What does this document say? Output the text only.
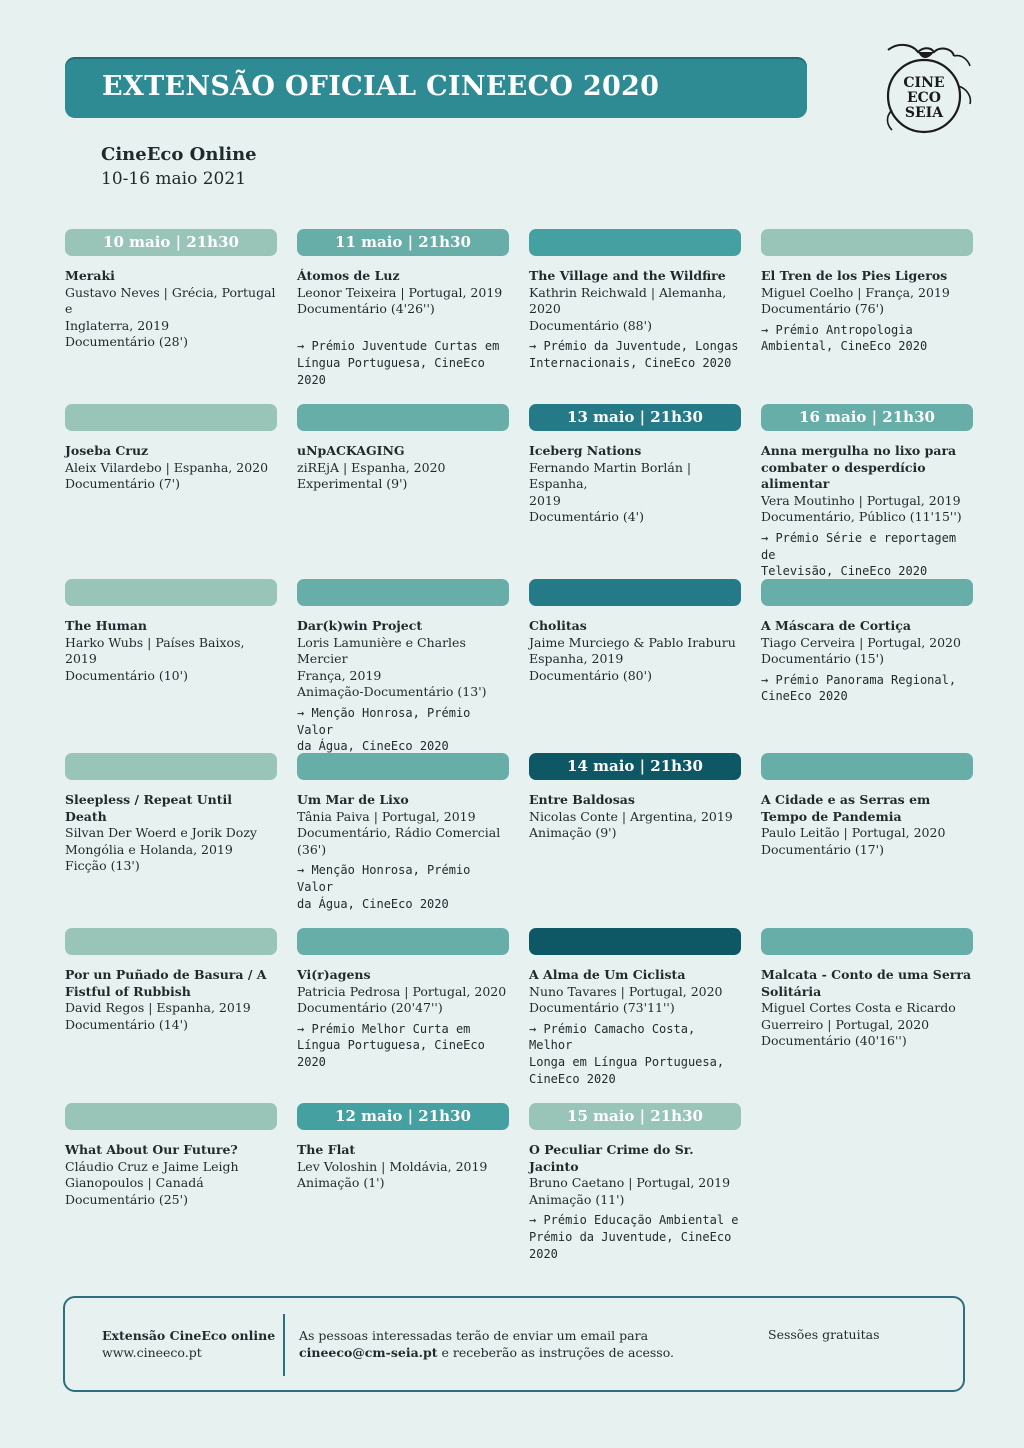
EXTENSÃO OFICIAL CINEECO 2020	CINE
ECO
SEIA
CineEco Online
10-16 maio 2021
10 maio | 21h30
Meraki
Gustavo Neves | Grécia, Portugal e
Inglaterra, 2019
Documentário (28')
11 maio | 21h30
Átomos de Luz
Leonor Teixeira | Portugal, 2019
Documentário (4'26'')
→ Prémio Juventude Curtas em
Língua Portuguesa, CineEco 2020
The Village and the Wildfire
Kathrin Reichwald | Alemanha, 2020
Documentário (88')
→ Prémio da Juventude, Longas
Internacionais, CineEco 2020
El Tren de los Pies Ligeros
Miguel Coelho | França, 2019
Documentário (76')
→ Prémio Antropologia
Ambiental, CineEco 2020
Joseba Cruz
Aleix Vilardebo | Espanha, 2020
Documentário (7')
uNpACKAGING
ziREjA | Espanha, 2020
Experimental (9')
13 maio | 21h30
Iceberg Nations
Fernando Martin Borlán | Espanha,
2019
Documentário (4')
16 maio | 21h30
Anna mergulha no lixo para combater o desperdício alimentar
Vera Moutinho | Portugal, 2019
Documentário, Público (11'15'')
→ Prémio Série e reportagem de
Televisão, CineEco 2020
The Human
Harko Wubs | Países Baixos, 2019
Documentário (10')
Dar(k)win Project
Loris Lamunière e Charles Mercier
França, 2019
Animação-Documentário (13')
→ Menção Honrosa, Prémio Valor
da Água, CineEco 2020
Cholitas
Jaime Murciego & Pablo Iraburu
Espanha, 2019
Documentário (80')
A Máscara de Cortiça
Tiago Cerveira | Portugal, 2020
Documentário (15')
→ Prémio Panorama Regional,
CineEco 2020
Sleepless / Repeat Until Death
Silvan Der Woerd e Jorik Dozy
Mongólia e Holanda, 2019
Ficção (13')
Um Mar de Lixo
Tânia Paiva | Portugal, 2019
Documentário, Rádio Comercial (36')
→ Menção Honrosa, Prémio Valor
da Água, CineEco 2020
14 maio | 21h30
Entre Baldosas
Nicolas Conte | Argentina, 2019
Animação (9')
A Cidade e as Serras em Tempo de Pandemia
Paulo Leitão | Portugal, 2020
Documentário (17')
Por un Puñado de Basura / A Fistful of Rubbish
David Regos | Espanha, 2019
Documentário (14')
Vi(r)agens
Patricia Pedrosa | Portugal, 2020
Documentário (20'47'')
→ Prémio Melhor Curta em
Língua Portuguesa, CineEco 2020
A Alma de Um Ciclista
Nuno Tavares | Portugal, 2020
Documentário (73'11'')
→ Prémio Camacho Costa, Melhor
Longa em Língua Portuguesa,
CineEco 2020
Malcata - Conto de uma Serra Solitária
Miguel Cortes Costa e Ricardo
Guerreiro | Portugal, 2020
Documentário (40'16'')
What About Our Future?
Cláudio Cruz e Jaime Leigh
Gianopoulos | Canadá
Documentário (25')
12 maio | 21h30
The Flat
Lev Voloshin | Moldávia, 2019
Animação (1')
15 maio | 21h30
O Peculiar Crime do Sr. Jacinto
Bruno Caetano | Portugal, 2019
Animação (11')
→ Prémio Educação Ambiental e
Prémio da Juventude, CineEco
2020
Extensão CineEco online
www.cineeco.pt
As pessoas interessadas terão de enviar um email para
cineeco@cm-seia.pt e receberão as instruções de acesso.
Sessões gratuitas
